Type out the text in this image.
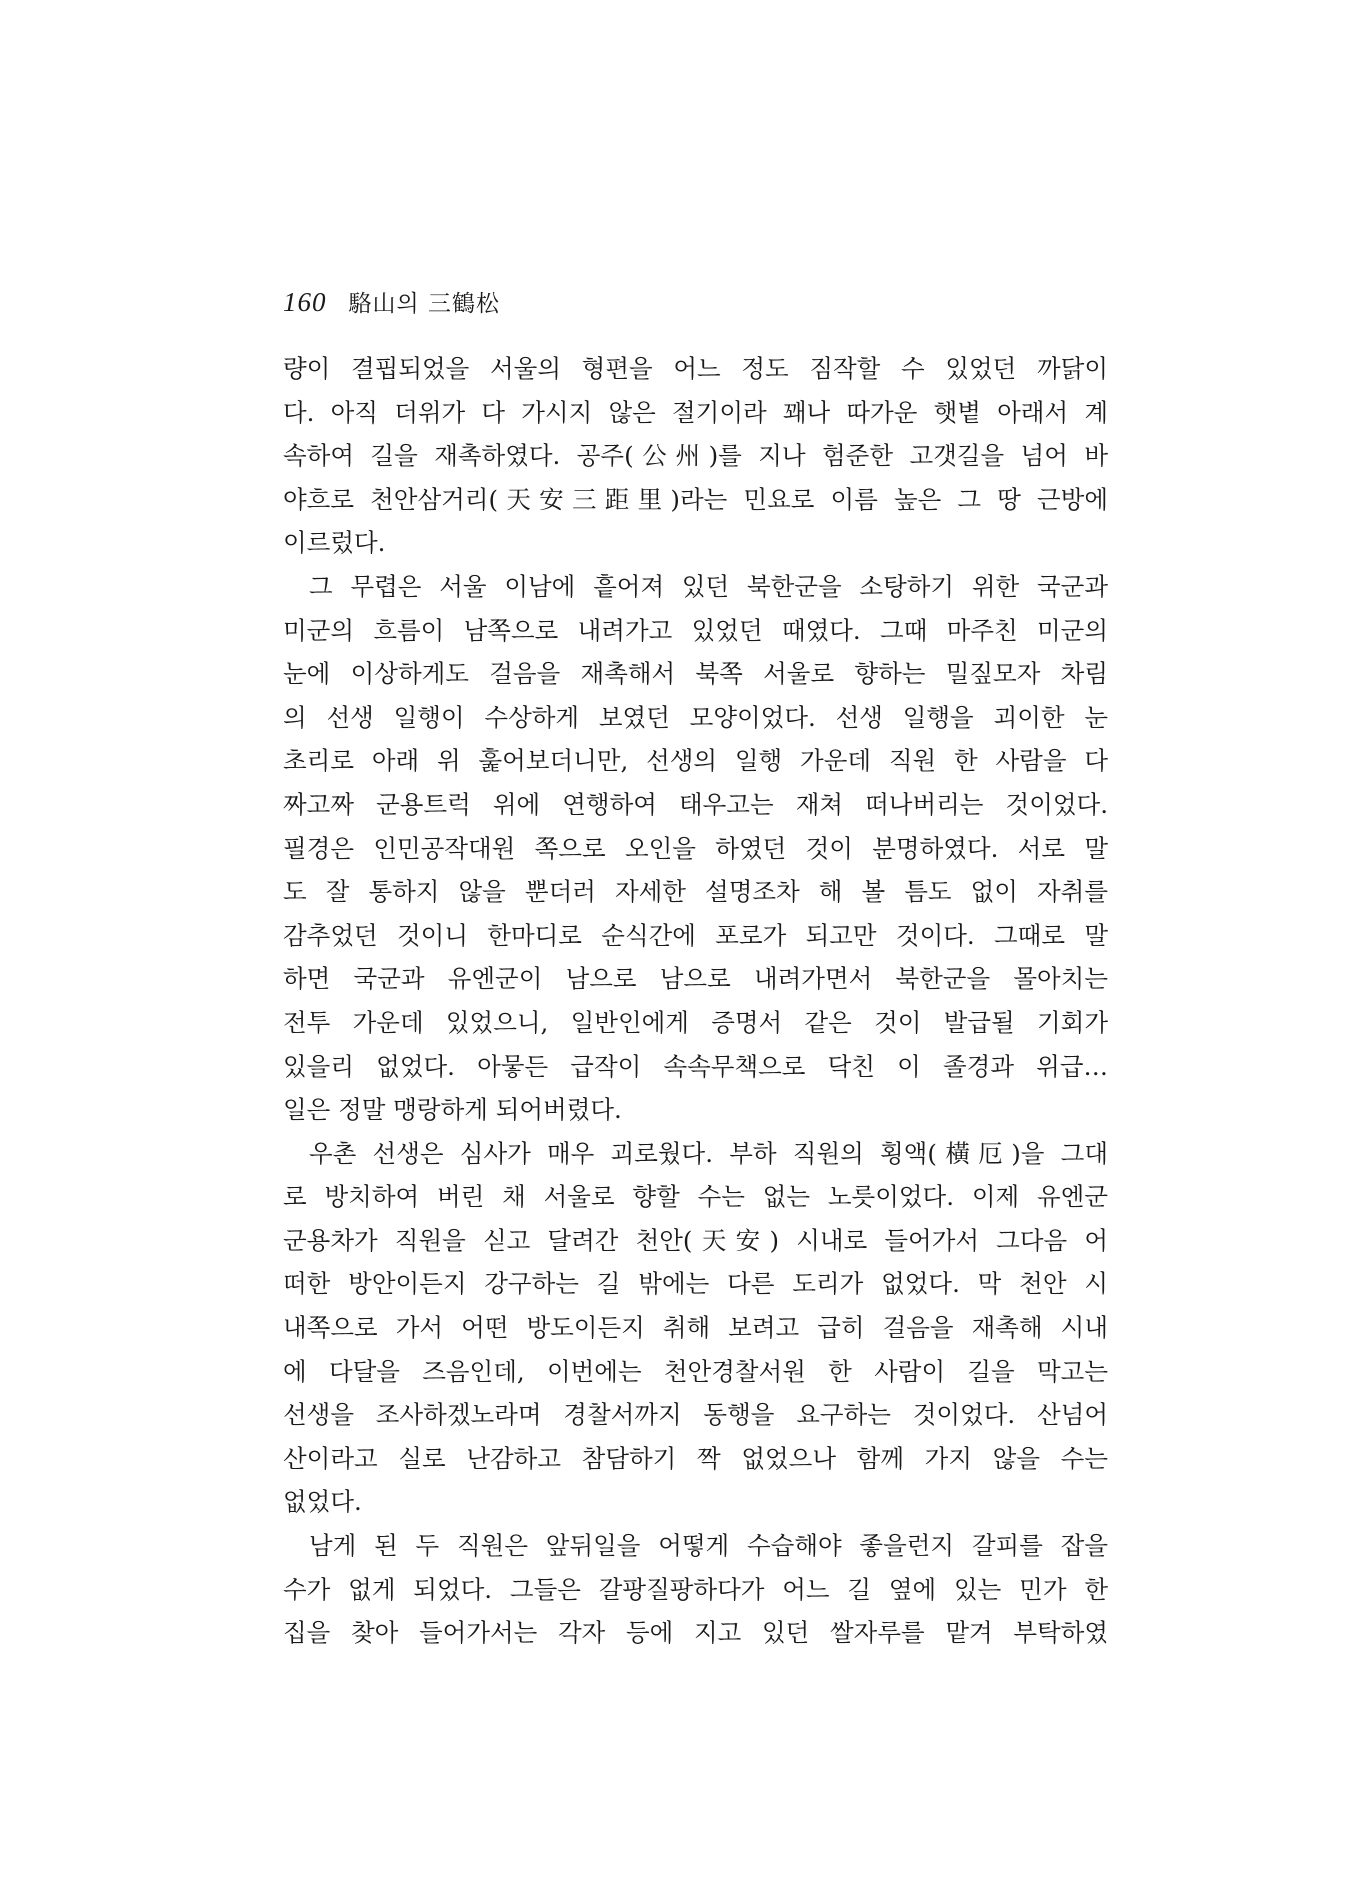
160 駱山의 三鶴松
량이 결핍되었을 서울의 형편을 어느 정도 짐작할 수 있었던 까닭이
다. 아직 더위가 다 가시지 않은 절기이라 꽤나 따가운 햇볕 아래서 계
속하여 길을 재촉하였다. 공주(公州)를 지나 험준한 고갯길을 넘어 바
야흐로 천안삼거리(天安三距里)라는 민요로 이름 높은 그 땅 근방에
이르렀다.
그 무렵은 서울 이남에 흩어져 있던 북한군을 소탕하기 위한 국군과
미군의 흐름이 남쪽으로 내려가고 있었던 때였다. 그때 마주친 미군의
눈에 이상하게도 걸음을 재촉해서 북쪽 서울로 향하는 밀짚모자 차림
의 선생 일행이 수상하게 보였던 모양이었다. 선생 일행을 괴이한 눈
초리로 아래 위 훑어보더니만, 선생의 일행 가운데 직원 한 사람을 다
짜고짜 군용트럭 위에 연행하여 태우고는 재쳐 떠나버리는 것이었다.
필경은 인민공작대원 쪽으로 오인을 하였던 것이 분명하였다. 서로 말
도 잘 통하지 않을 뿐더러 자세한 설명조차 해 볼 틈도 없이 자취를
감추었던 것이니 한마디로 순식간에 포로가 되고만 것이다. 그때로 말
하면 국군과 유엔군이 남으로 남으로 내려가면서 북한군을 몰아치는
전투 가운데 있었으니, 일반인에게 증명서 같은 것이 발급될 기회가
있을리 없었다. 아뭏든 급작이 속속무책으로 닥친 이 졸경과 위급…
일은 정말 맹랑하게 되어버렸다.
우촌 선생은 심사가 매우 괴로웠다. 부하 직원의 횡액(橫厄)을 그대
로 방치하여 버린 채 서울로 향할 수는 없는 노릇이었다. 이제 유엔군
군용차가 직원을 싣고 달려간 천안(天安) 시내로 들어가서 그다음 어
떠한 방안이든지 강구하는 길 밖에는 다른 도리가 없었다. 막 천안 시
내쪽으로 가서 어떤 방도이든지 취해 보려고 급히 걸음을 재촉해 시내
에 다달을 즈음인데, 이번에는 천안경찰서원 한 사람이 길을 막고는
선생을 조사하겠노라며 경찰서까지 동행을 요구하는 것이었다. 산넘어
산이라고 실로 난감하고 참담하기 짝 없었으나 함께 가지 않을 수는
없었다.
남게 된 두 직원은 앞뒤일을 어떻게 수습해야 좋을런지 갈피를 잡을
수가 없게 되었다. 그들은 갈팡질팡하다가 어느 길 옆에 있는 민가 한
집을 찾아 들어가서는 각자 등에 지고 있던 쌀자루를 맡겨 부탁하였
